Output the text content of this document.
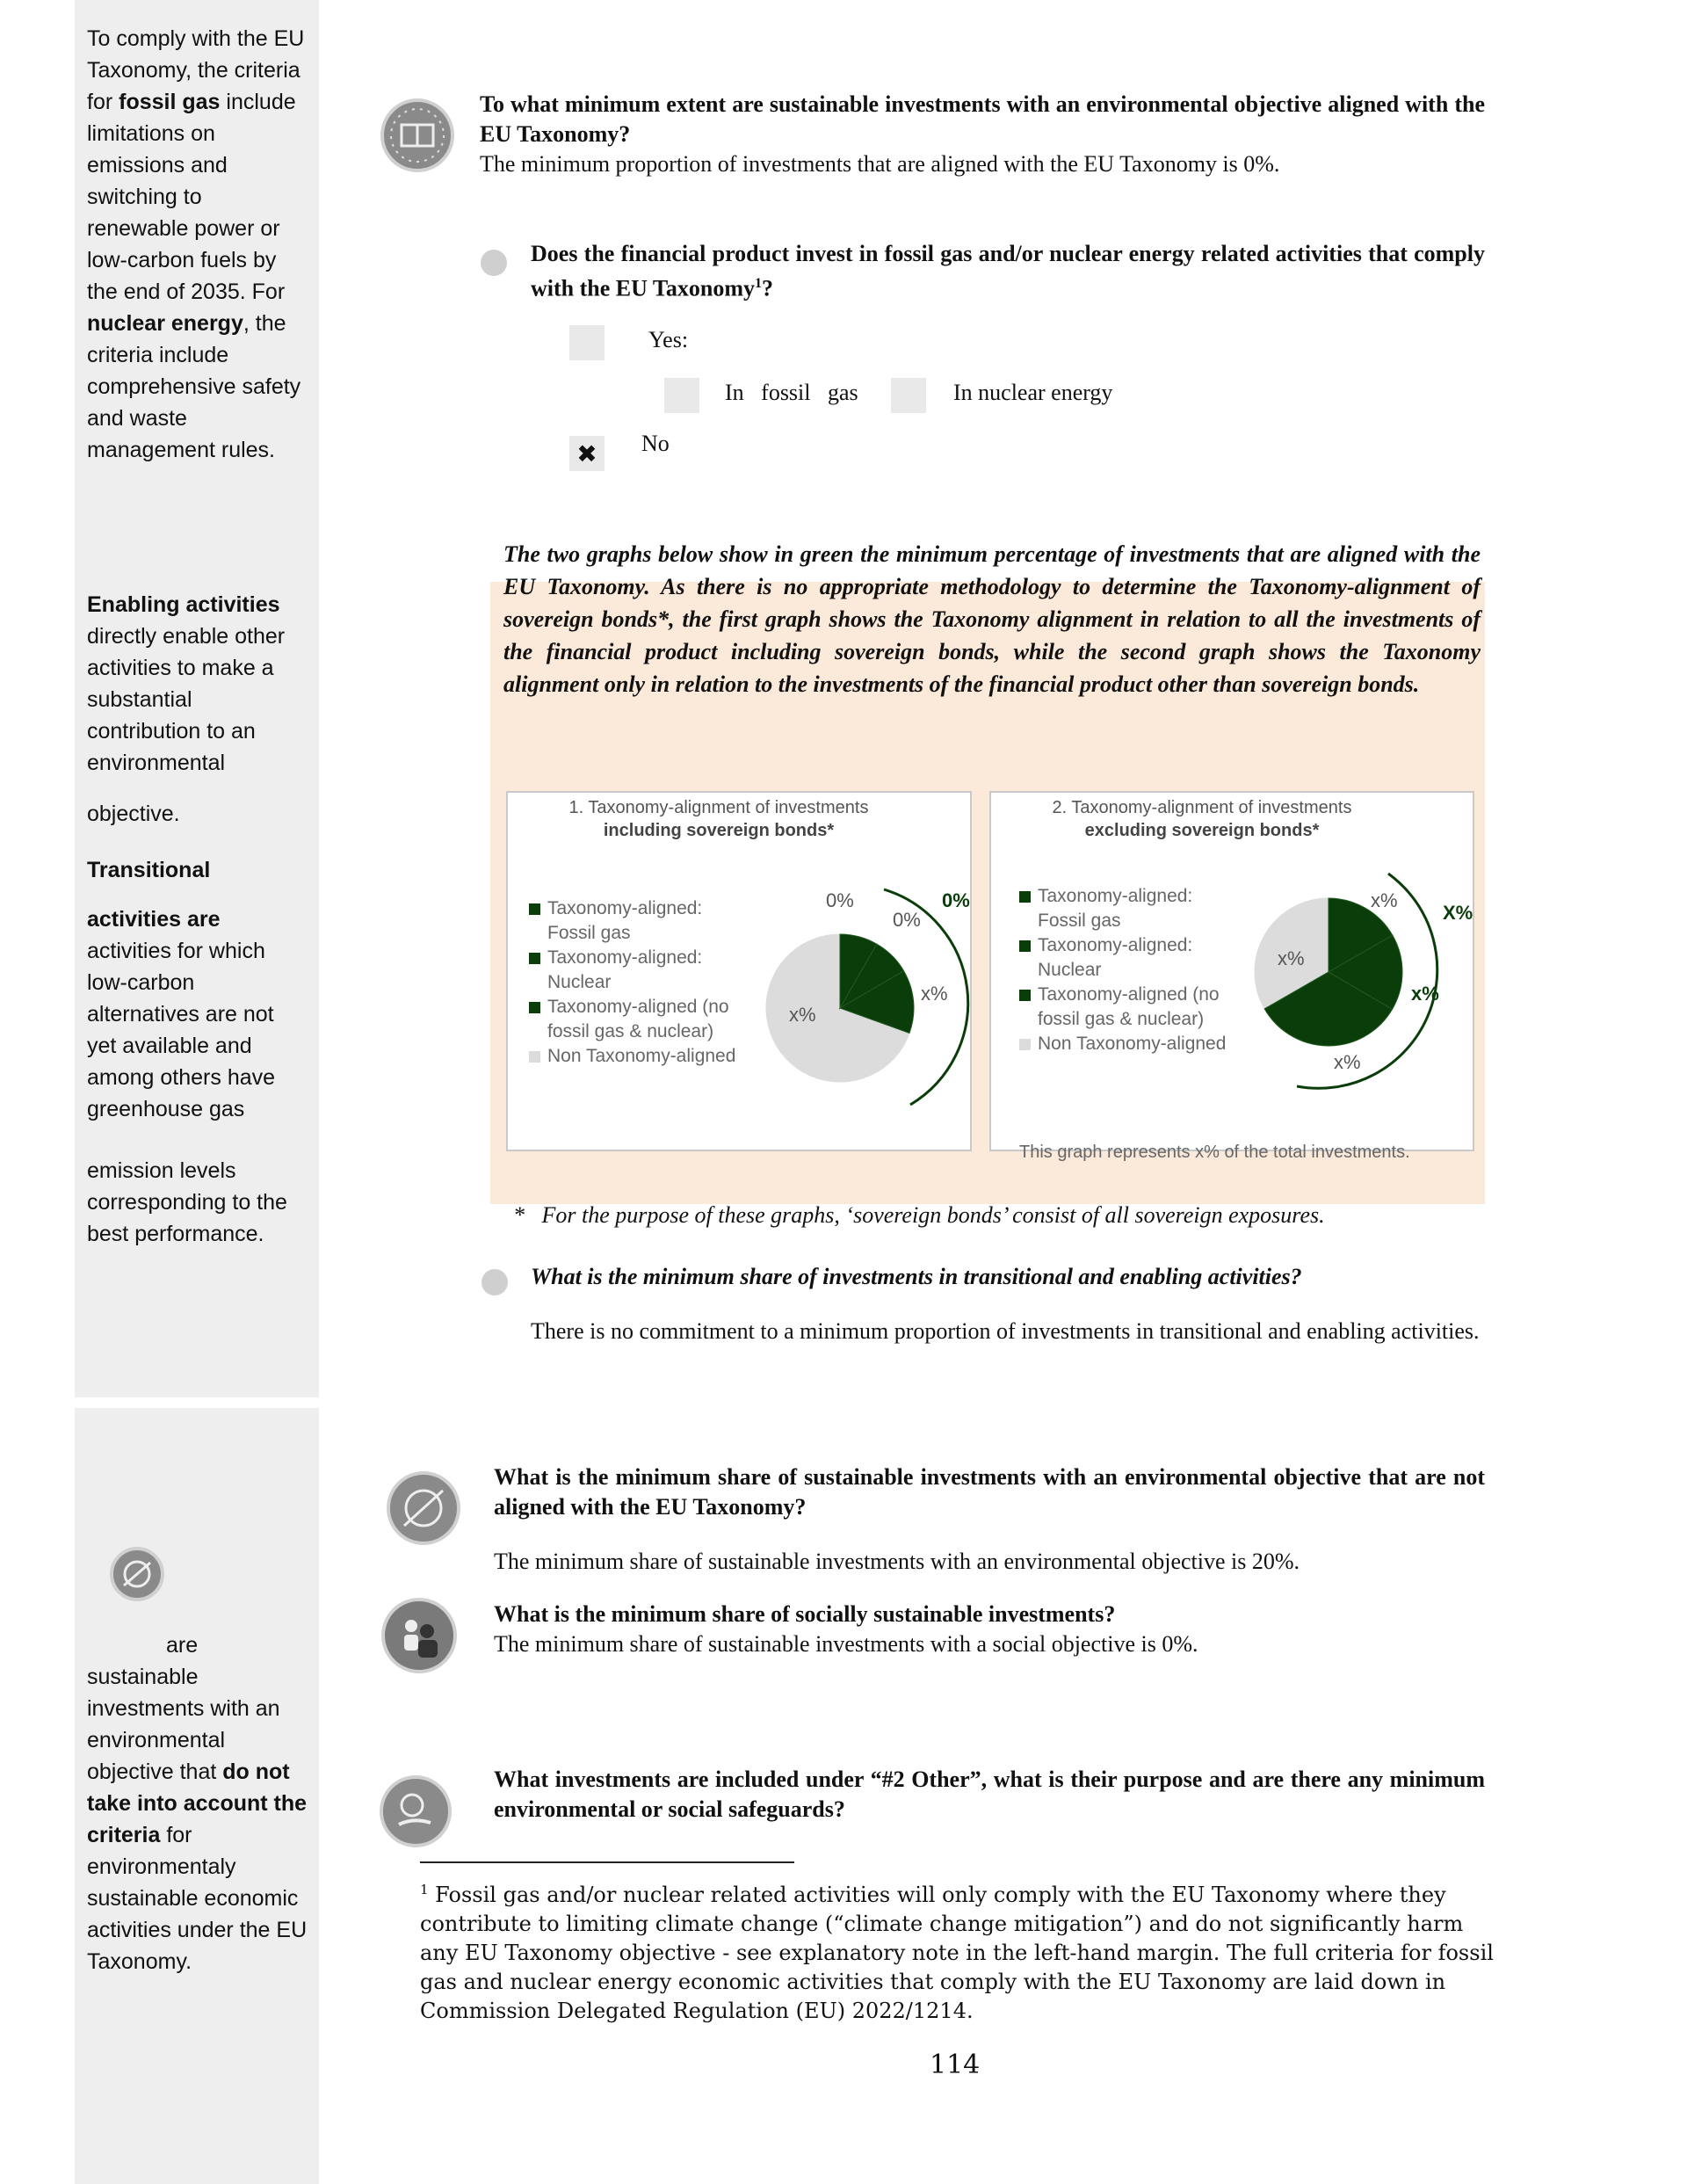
To comply with the EU Taxonomy, the criteria for fossil gas include limitations on emissions and switching to renewable power or low-carbon fuels by the end of 2035. For nuclear energy, the criteria include comprehensive safety and waste management rules.
Enabling activities directly enable other activities to make a substantial contribution to an environmental
objective.
Transitional
activities are activities for which low-carbon alternatives are not yet available and among others have greenhouse gas
emission levels corresponding to the best performance.
are sustainable investments with an environmental objective that do not take into account the criteria for environmentaly sustainable economic activities under the EU Taxonomy.
To what minimum extent are sustainable investments with an environmental objective aligned with the EU Taxonomy?
The minimum proportion of investments that are aligned with the EU Taxonomy is 0%.
Does the financial product invest in fossil gas and/or nuclear energy related activities that comply with the EU Taxonomy$^1$?
Yes:
In   fossil   gas	In nuclear energy
✖ No
The two graphs below show in green the minimum percentage of investments that are aligned with the EU Taxonomy. As there is no appropriate methodology to determine the Taxonomy-alignment of sovereign bonds*, the first graph shows the Taxonomy alignment in relation to all the investments of the financial product including sovereign bonds, while the second graph shows the Taxonomy alignment only in relation to the investments of the financial product other than sovereign bonds.
1. Taxonomy-alignment of investments
including sovereign bonds*
Taxonomy-aligned: Fossil gas
Taxonomy-aligned: Nuclear
Taxonomy-aligned (no fossil gas & nuclear)
Non Taxonomy-aligned
0%
0%
x%
x%
0%
2. Taxonomy-alignment of investments
excluding sovereign bonds*
Taxonomy-aligned: Fossil gas
Taxonomy-aligned: Nuclear
Taxonomy-aligned (no fossil gas & nuclear)
Non Taxonomy-aligned
x%
x%
x%
x%
X%
This graph represents x% of the total investments.
*   For the purpose of these graphs, ‘sovereign bonds’ consist of all sovereign exposures.
What is the minimum share of investments in transitional and enabling activities?
There is no commitment to a minimum proportion of investments in transitional and enabling activities.
What is the minimum share of sustainable investments with an environmental objective that are not aligned with the EU Taxonomy?
The minimum share of sustainable investments with an environmental objective is 20%.
What is the minimum share of socially sustainable investments?
The minimum share of sustainable investments with a social objective is 0%.
What investments are included under “#2 Other”, what is their purpose and are there any minimum environmental or social safeguards?
$^1$ Fossil gas and/or nuclear related activities will only comply with the EU Taxonomy where they contribute to limiting climate change (“climate change mitigation”) and do not significantly harm any EU Taxonomy objective - see explanatory note in the left-hand margin. The full criteria for fossil gas and nuclear energy economic activities that comply with the EU Taxonomy are laid down in Commission Delegated Regulation (EU) 2022/1214.
114
